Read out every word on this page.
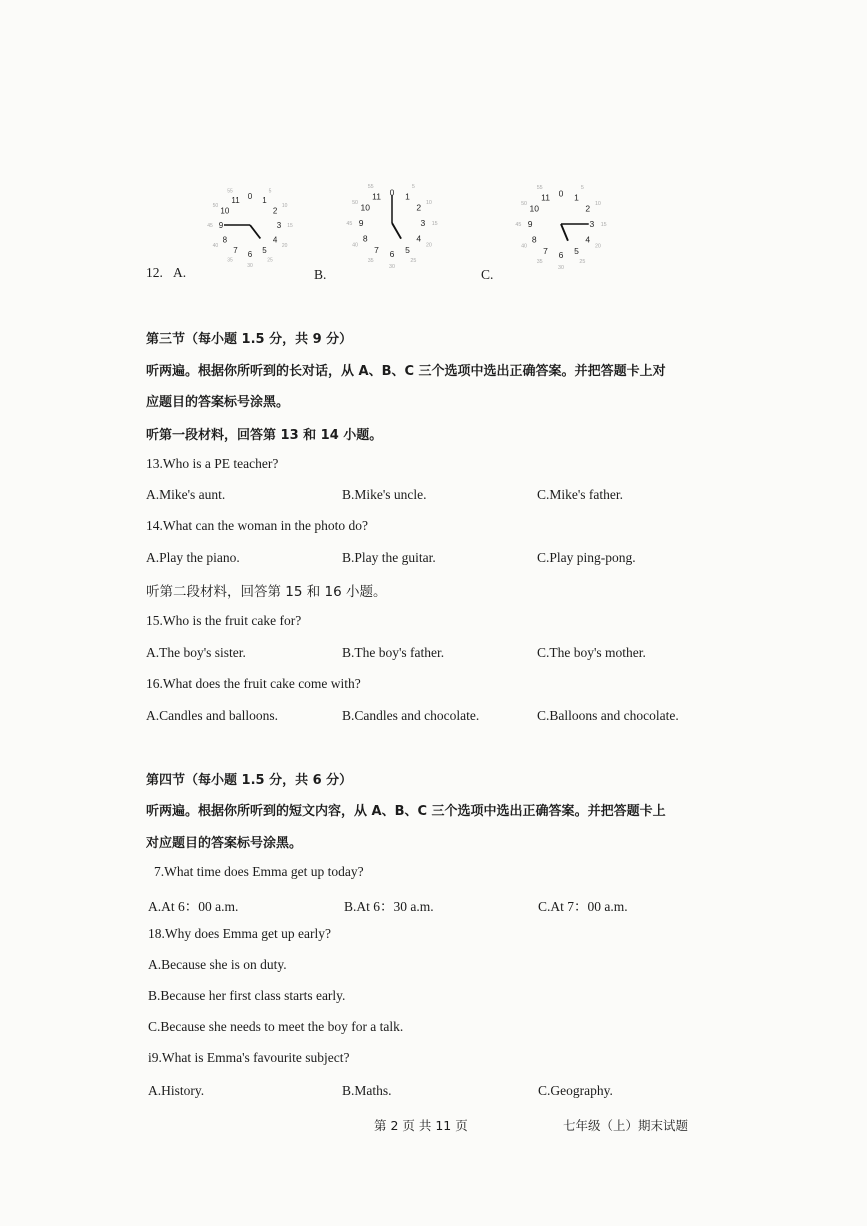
0 1
2
3
4
5
6
7
8
9
10
11
5
10
15
20
25
30
35
40
45
50
55	0 1
2
3
4
5
6
7
8
9
10
11
5
10
15
20
25
30
35
40
45
50
55
0 1
2
3
4
5
6
7
8
9
10
11
5
10
15
20
25
30
35
40
45
50
55
12. A.	B.	C.
第三节（每小题 1.5 分，共 9 分）
听两遍。根据你所听到的长对话，从 A、B、C 三个选项中选出正确答案。并把答题卡上对
应题目的答案标号涂黑。
听第一段材料，回答第 13 和 14 小题。
13.Who is a PE teacher?
A.Mike's aunt.	B.Mike's uncle.	C.Mike's father.
14.What can the woman in the photo do?
A.Play the piano.	B.Play the guitar.	C.Play ping-pong.
听第二段材料，回答第 15 和 16 小题。
15.Who is the fruit cake for?
A.The boy's sister.	B.The boy's father.	C.The boy's mother.
16.What does the fruit cake come with?
A.Candles and balloons.	B.Candles and chocolate.	C.Balloons and chocolate.
第四节（每小题 1.5 分，共 6 分）
听两遍。根据你所听到的短文内容，从 A、B、C 三个选项中选出正确答案。并把答题卡上
对应题目的答案标号涂黑。
7.What time does Emma get up today?
A.At 6：00 a.m.	B.At 6：30 a.m.	C.At 7：00 a.m.
18.Why does Emma get up early?
A.Because she is on duty.
B.Because her first class starts early.
C.Because she needs to meet the boy for a talk.
i9.What is Emma's favourite subject?
A.History.	B.Maths.	C.Geography.
第 2 页 共 11 页	七年级（上）期末试题
